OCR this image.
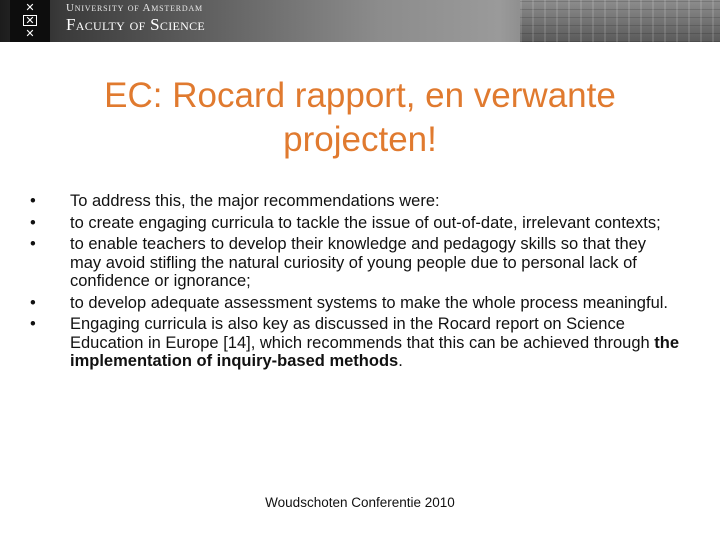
✕
✕
✕
University of Amsterdam
Faculty of Science
EC: Rocard rapport, en verwante projecten!
•	To address this, the major recommendations were:
•	to create engaging curricula to tackle the issue of out-of-date, irrelevant contexts;
•	to enable teachers to develop their knowledge and pedagogy skills so that they may avoid stifling the natural curiosity of young people due to personal lack of confidence or ignorance;
•	to develop adequate assessment systems to make the whole process meaningful.
•	Engaging curricula is also key as discussed in the Rocard report on Science Education in Europe [14], which recommends that this can be achieved through the implementation of inquiry-based methods.
Woudschoten Conferentie 2010
